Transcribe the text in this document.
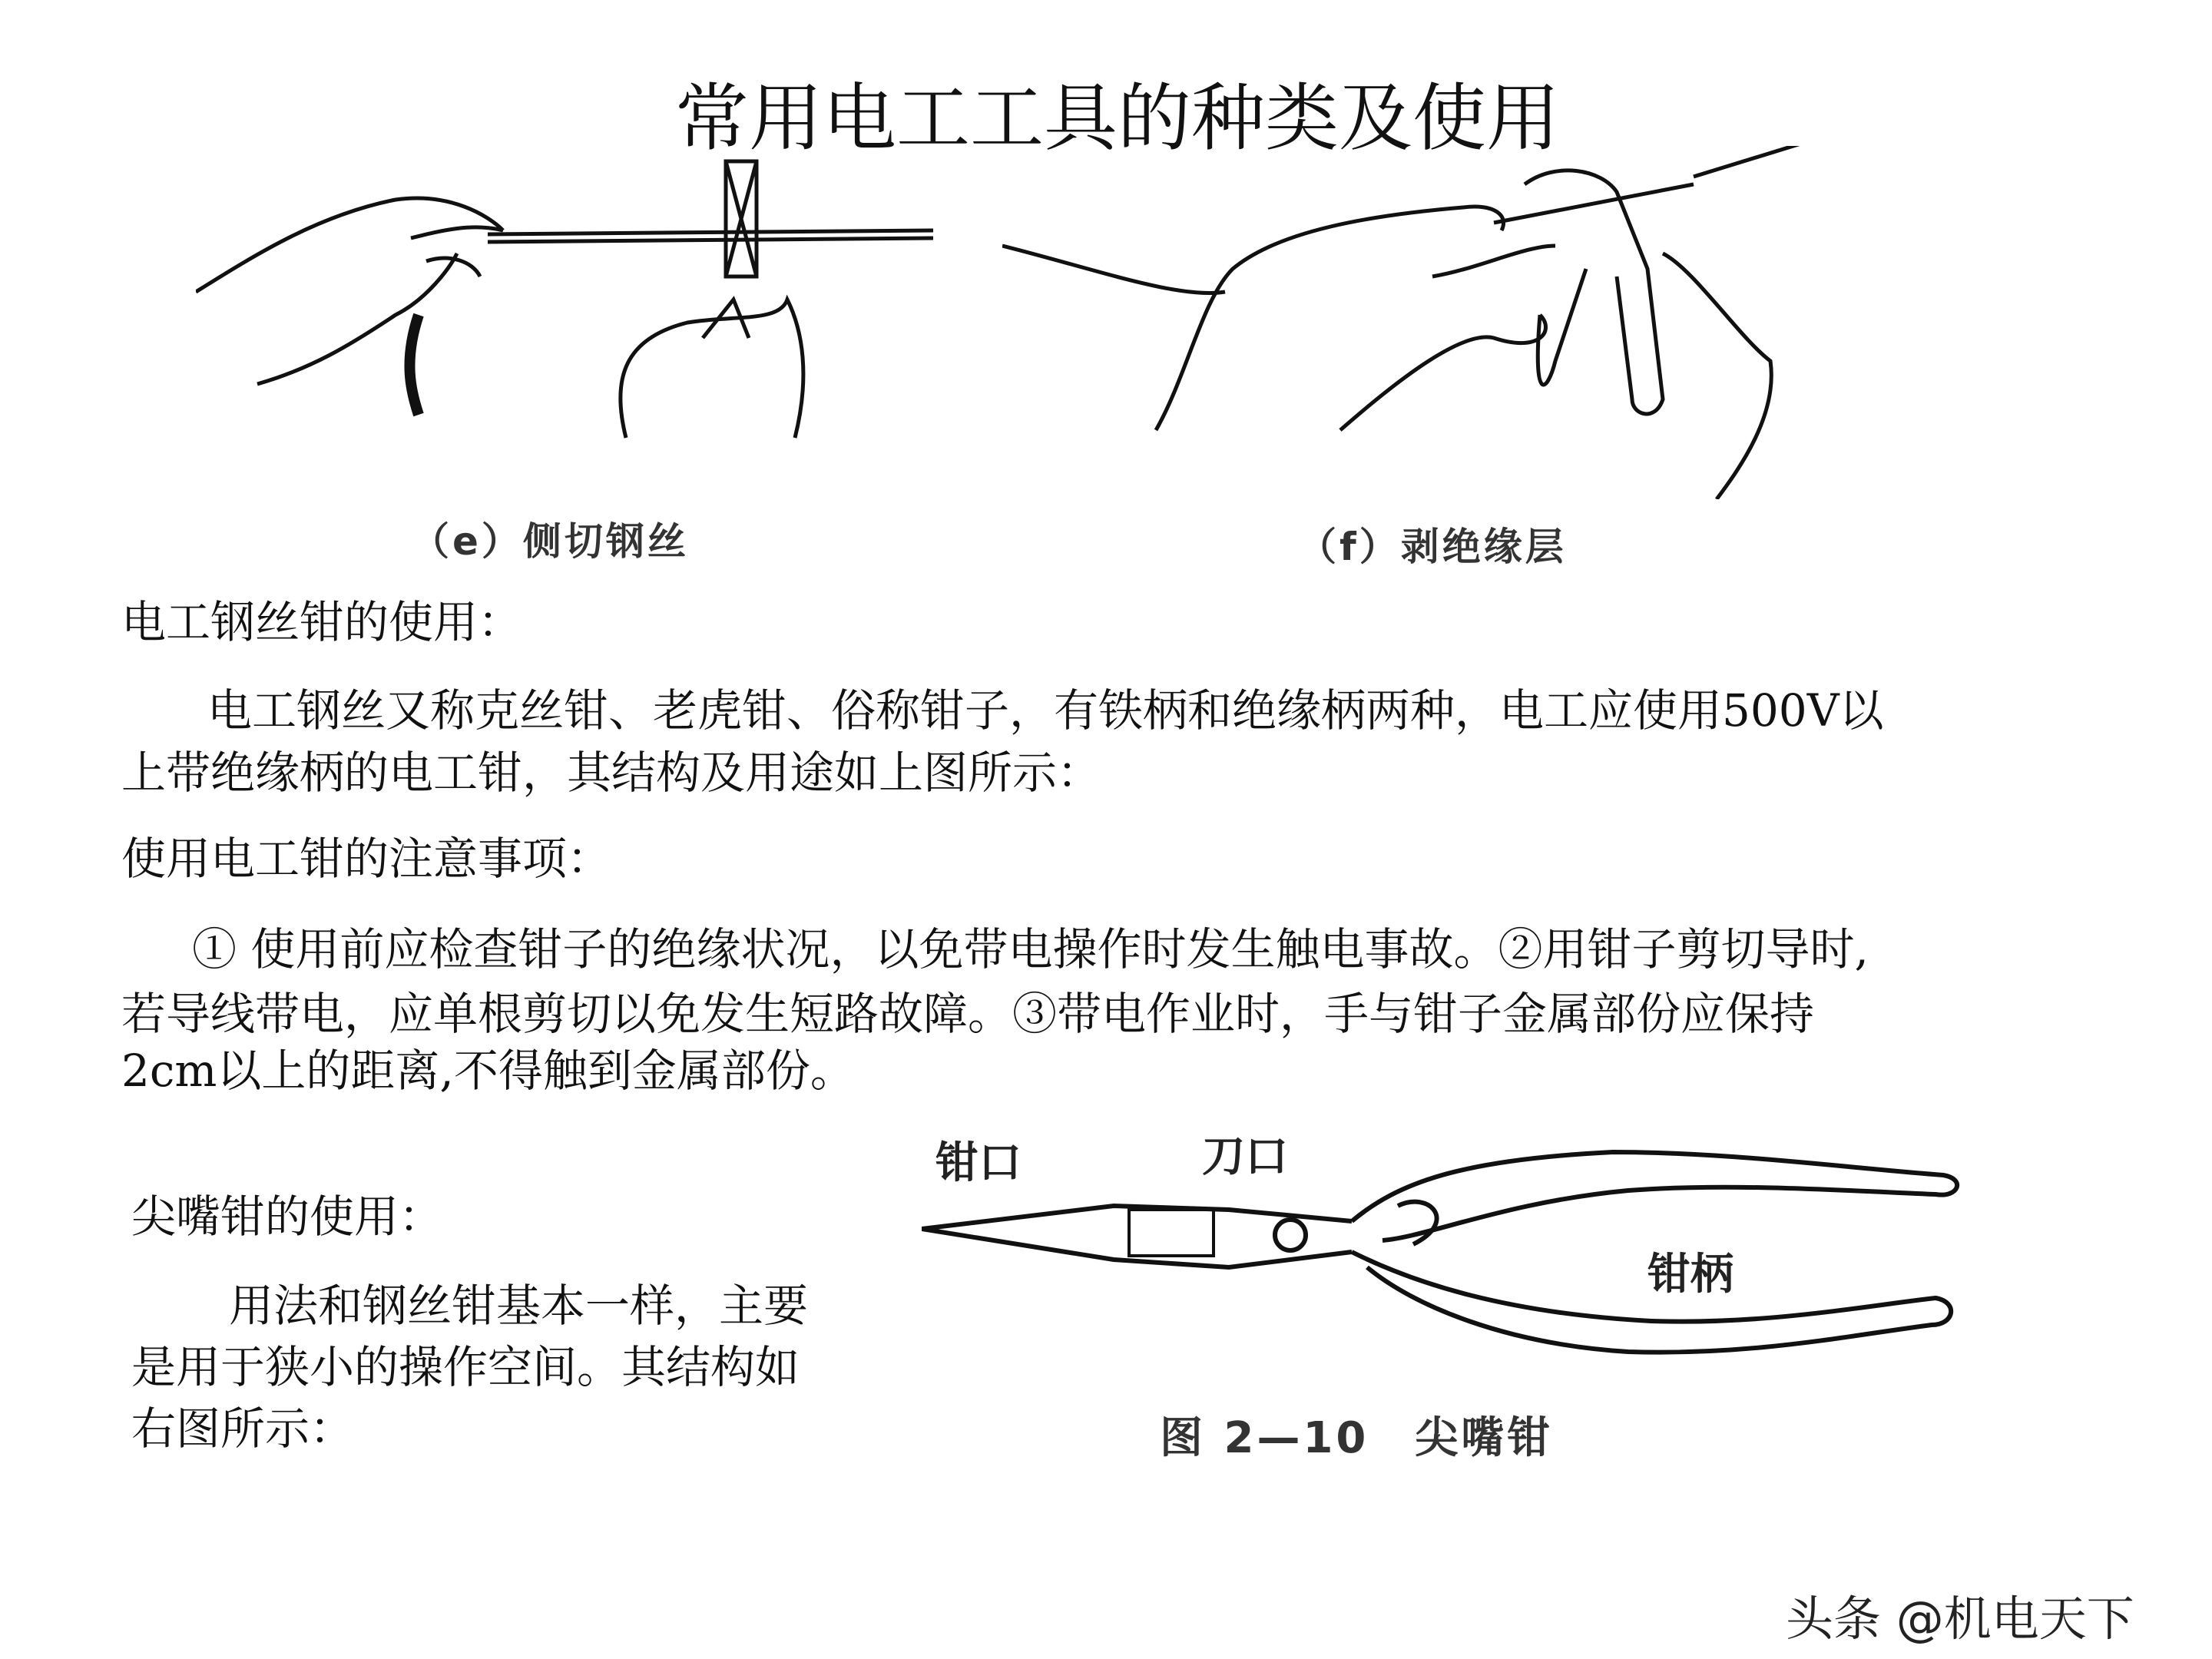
常用电工工具的种类及使用
（e）侧切钢丝	（f）剥绝缘层
电工钢丝钳的使用：
电工钢丝又称克丝钳、老虎钳、俗称钳子，有铁柄和绝缘柄两种，电工应使用500V以
上带绝缘柄的电工钳，其结构及用途如上图所示：
使用电工钳的注意事项：
① 使用前应检查钳子的绝缘状况，以免带电操作时发生触电事故。②用钳子剪切导时,
若导线带电，应单根剪切以免发生短路故障。③带电作业时，手与钳子金属部份应保持
2cm以上的距离,不得触到金属部份。
尖嘴钳的使用：
用法和钢丝钳基本一样，主要
是用于狭小的操作空间。其结构如
右图所示：
钳口	刀口
钳柄
图 2—10　尖嘴钳
头条 @机电天下
